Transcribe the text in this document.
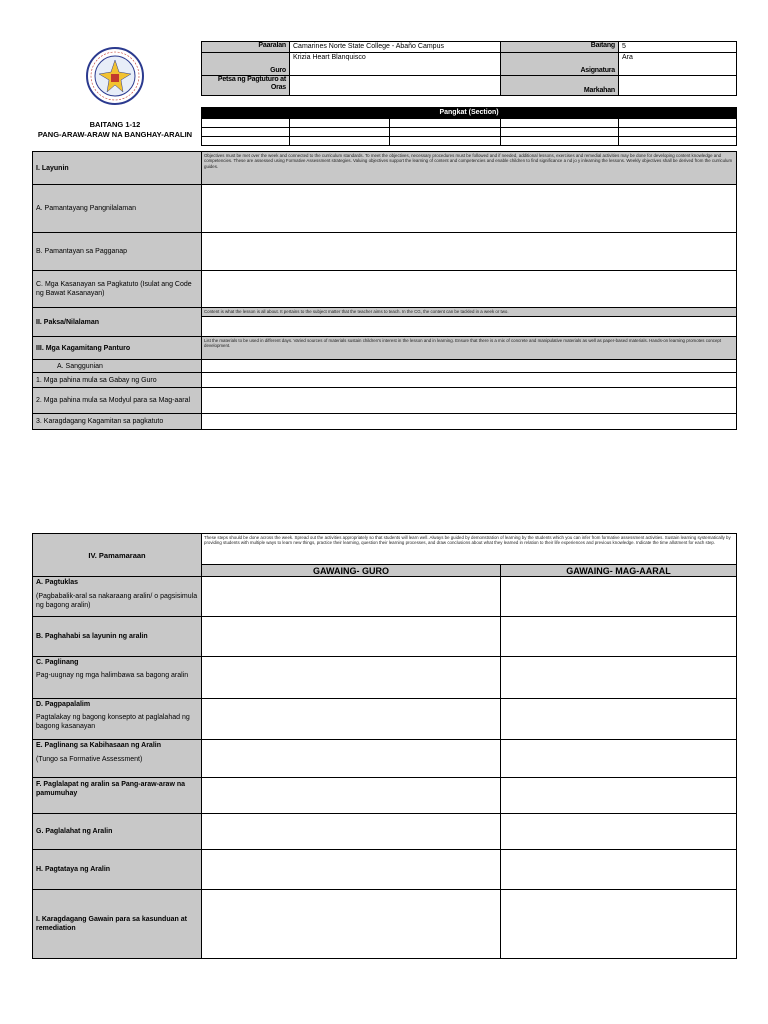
BAITANG 1-12
PANG-ARAW-ARAW NA BANGHAY-ARALIN
Paaralan	Camarines Norte State College - Abaño Campus	Baitang	5
Guro	Krizia Heart Blanquisco	Asignatura	Ara
Petsa ng Pagtuturo at Oras		Markahan	
Pangkat (Section)				

I. Layunin	Objectives must be met over the week and connected to the curriculum standards. To meet the objectives, necessary procedures must be followed and if needed, additional lessons, exercises and remedial activities may be done for developing content knowledge and competencies. These are assessed using Formative Assessment strategies. Valuing objectives support the learning of content and competencies and enable children to find significance a nd jo y inlearning the lessons. Weekly objectives shall be derived from the curriculum guides.
A. Pamantayang Pangnilalaman	
B. Pamantayan sa Pagganap	
C. Mga Kasanayan sa Pagkatuto (Isulat ang Code ng Bawat Kasanayan)	
II. Paksa/Nilalaman	Content is what the lesson is all about. It pertains to the subject matter that the teacher aims to teach. In the CG, the content can be tackled in a week or two.

III. Mga Kagamitang Panturo	List the materials to be used in different days. Varied sources of materials sustain children's interest in the lesson and in learning. Ensure that there is a mix of concrete and manipulative materials as well as paper-based materials. Hands-on learning promotes concept development.
A. Sanggunian	
1. Mga pahina mula sa Gabay ng Guro	
2. Mga pahina mula sa Modyul para sa Mag-aaral	
3. Karagdagang Kagamitan sa pagkatuto	
IV. Pamamaraan	These steps should be done across the week. Spread out the activities appropriately so that students will learn well. Always be guided by demonstration of learning by the students which you can infer from formative assessment activities. Sustain learning systematically by providing students with multiple ways to learn new things, practice their learning, question their learning processes, and draw conclusions about what they learned in relation to their life experiences and previous knowledge. Indicate the time allotment for each step.	
	GAWAING- GURO	GAWAING- MAG-AARAL

A. Pagtuklas
(Pagbabalik-aral sa nakaraang aralin/ o pagsisimula ng bagong aralin)		

B. Paghahabi sa layunin ng aralin		

C. Paglinang
Pag-uugnay ng mga halimbawa sa bagong aralin		

D. Pagpapalalim
Pagtalakay ng bagong konsepto at paglalahad ng bagong kasanayan		

E. Paglinang sa Kabihasaan ng Aralin
(Tungo sa Formative Assessment)		

F. Paglalapat ng aralin sa Pang-araw-araw na pamumuhay		
G. Paglalahat ng Aralin		
H. Pagtataya ng Aralin		
I. Karagdagang Gawain para sa kasunduan at remediation		
